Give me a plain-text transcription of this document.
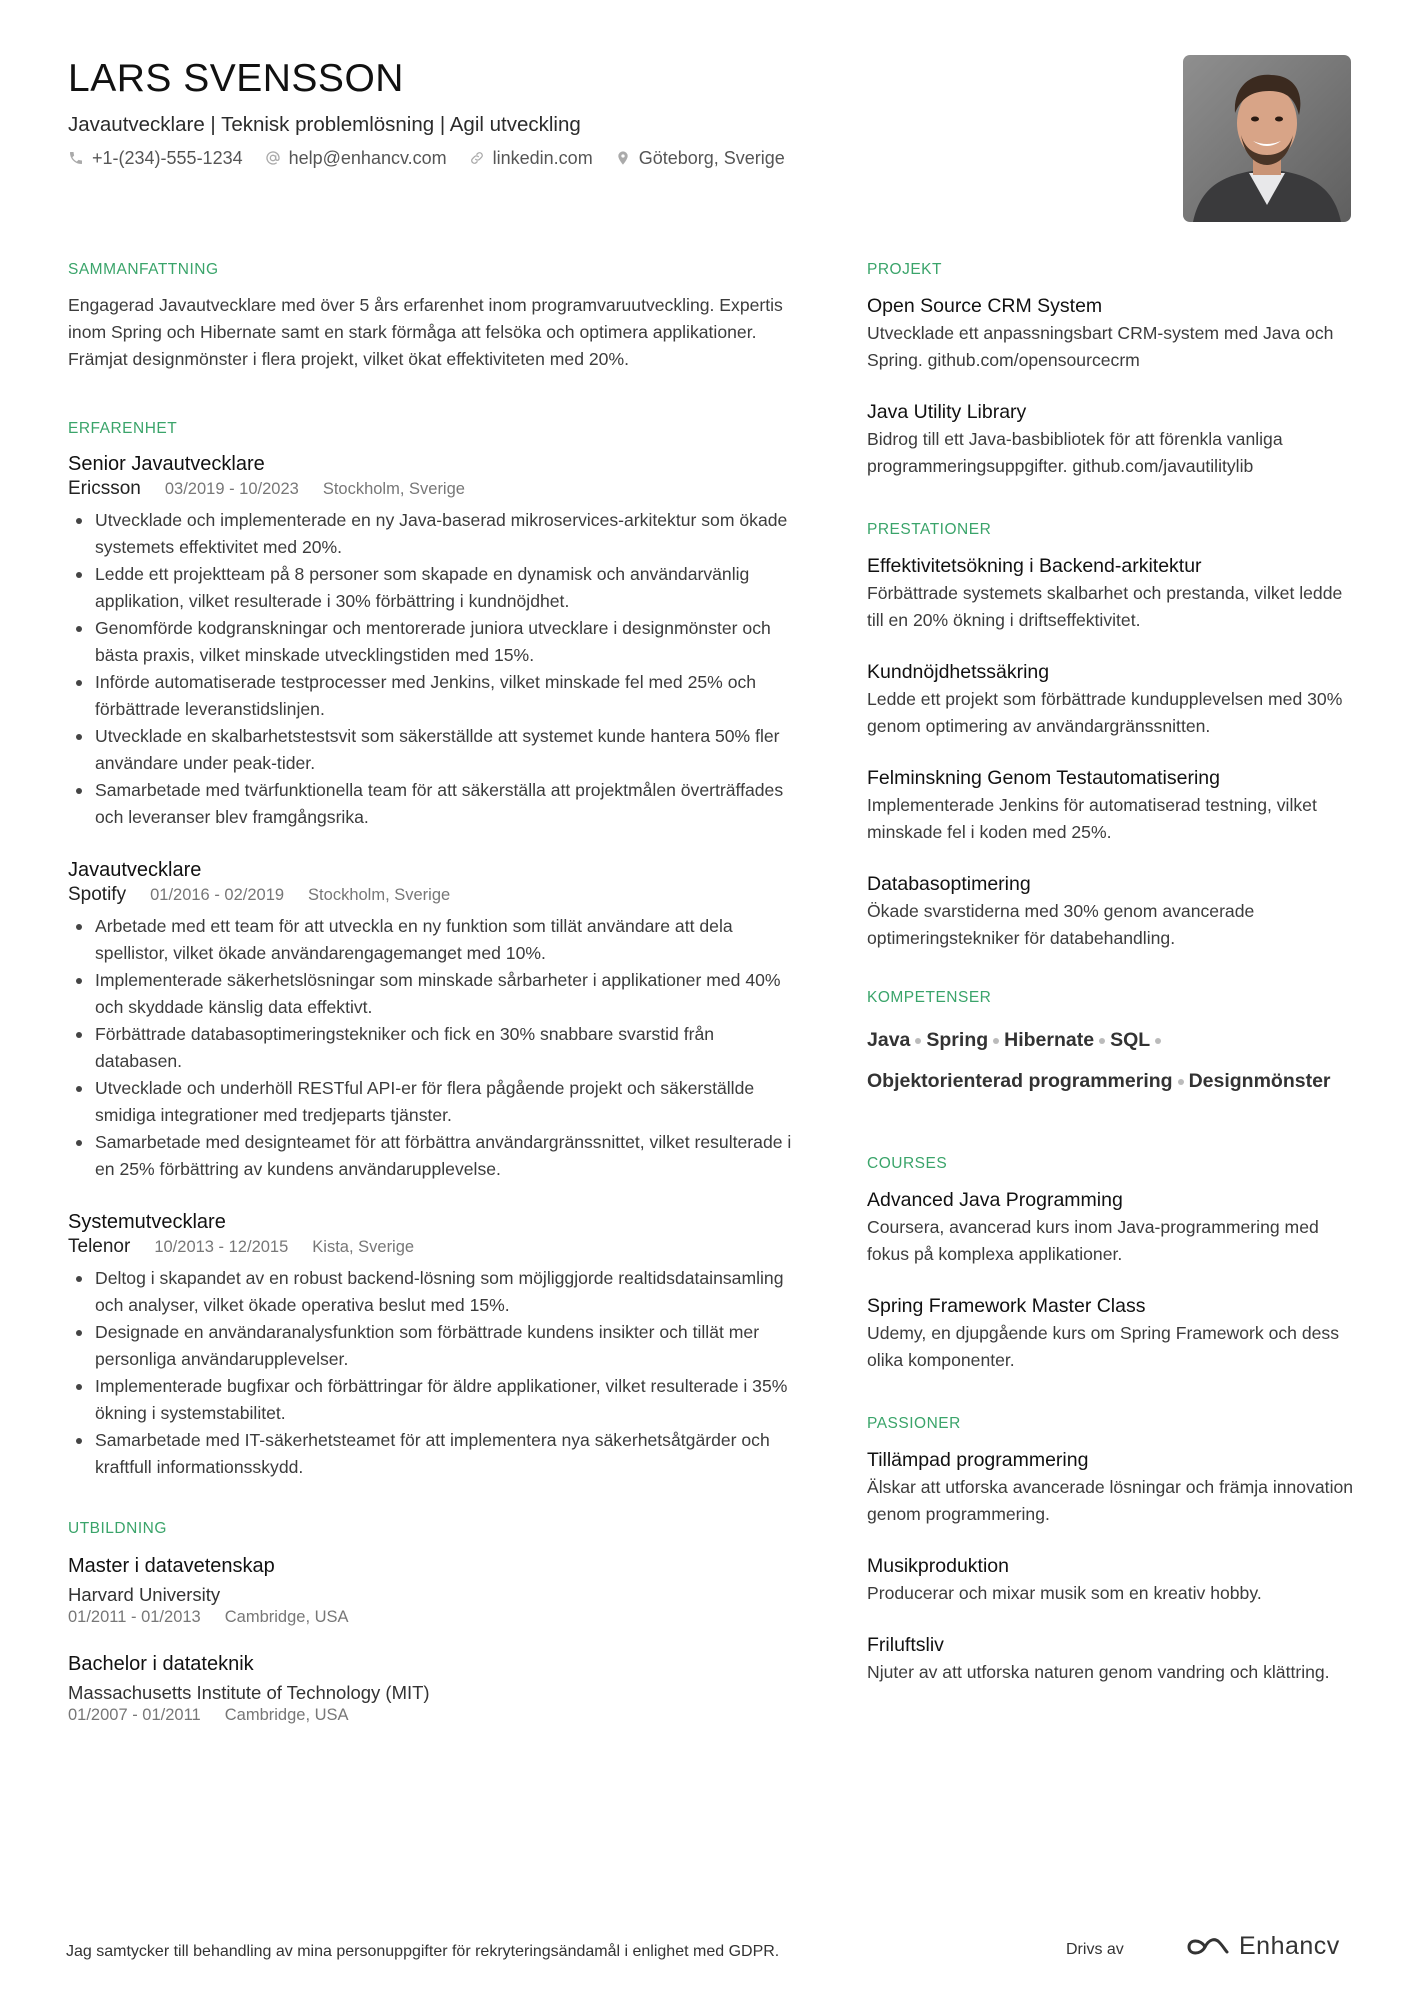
LARS SVENSSON
Javautvecklare | Teknisk problemlösning | Agil utveckling
+1-(234)-555-1234	help@enhancv.com	linkedin.com	Göteborg, Sverige
SAMMANFATTNING

Engagerad Javautvecklare med över 5 års erfarenhet inom programvaruutveckling. Expertis inom Spring och Hibernate samt en stark förmåga att felsöka och optimera applikationer. Främjat designmönster i flera projekt, vilket ökat effektiviteten med 20%.

ERFARENHET
Senior Javautvecklare
Ericsson 03/2019 - 10/2023 Stockholm, Sverige
Utvecklade och implementerade en ny Java-baserad mikroservices-arkitektur som ökade systemets effektivitet med 20%.
Ledde ett projektteam på 8 personer som skapade en dynamisk och användarvänlig applikation, vilket resulterade i 30% förbättring i kundnöjdhet.
Genomförde kodgranskningar och mentorerade juniora utvecklare i designmönster och bästa praxis, vilket minskade utvecklingstiden med 15%.
Införde automatiserade testprocesser med Jenkins, vilket minskade fel med 25% och förbättrade leveranstidslinjen.
Utvecklade en skalbarhetstestsvit som säkerställde att systemet kunde hantera 50% fler användare under peak-tider.
Samarbetade med tvärfunktionella team för att säkerställa att projektmålen överträffades och leveranser blev framgångsrika.
Javautvecklare
Spotify 01/2016 - 02/2019 Stockholm, Sverige
Arbetade med ett team för att utveckla en ny funktion som tillät användare att dela spellistor, vilket ökade användarengagemanget med 10%.
Implementerade säkerhetslösningar som minskade sårbarheter i applikationer med 40% och skyddade känslig data effektivt.
Förbättrade databasoptimeringstekniker och fick en 30% snabbare svarstid från databasen.
Utvecklade och underhöll RESTful API-er för flera pågående projekt och säkerställde smidiga integrationer med tredjeparts tjänster.
Samarbetade med designteamet för att förbättra användargränssnittet, vilket resulterade i en 25% förbättring av kundens användarupplevelse.
Systemutvecklare
Telenor 10/2013 - 12/2015 Kista, Sverige
Deltog i skapandet av en robust backend-lösning som möjliggjorde realtidsdatainsamling och analyser, vilket ökade operativa beslut med 15%.
Designade en användaranalysfunktion som förbättrade kundens insikter och tillät mer personliga användarupplevelser.
Implementerade bugfixar och förbättringar för äldre applikationer, vilket resulterade i 35% ökning i systemstabilitet.
Samarbetade med IT-säkerhetsteamet för att implementera nya säkerhetsåtgärder och kraftfull informationsskydd.
UTBILDNING
Master i datavetenskap
Harvard University
01/2011 - 01/2013 Cambridge, USA
Bachelor i datateknik
Massachusetts Institute of Technology (MIT)
01/2007 - 01/2011 Cambridge, USA
PROJEKT
Open Source CRM System
Utvecklade ett anpassningsbart CRM-system med Java och Spring. github.com/opensourcecrm
Java Utility Library
Bidrog till ett Java-basbibliotek för att förenkla vanliga programmeringsuppgifter. github.com/javautilitylib
PRESTATIONER
Effektivitetsökning i Backend-arkitektur
Förbättrade systemets skalbarhet och prestanda, vilket ledde till en 20% ökning i driftseffektivitet.
Kundnöjdhetssäkring
Ledde ett projekt som förbättrade kundupplevelsen med 30% genom optimering av användargränssnitten.
Felminskning Genom Testautomatisering
Implementerade Jenkins för automatiserad testning, vilket minskade fel i koden med 25%.
Databasoptimering
Ökade svarstiderna med 30% genom avancerade optimeringstekniker för databehandling.
KOMPETENSER
Java Spring Hibernate SQL
Objektorienterad programmering Designmönster
COURSES
Advanced Java Programming
Coursera, avancerad kurs inom Java-programmering med fokus på komplexa applikationer.
Spring Framework Master Class
Udemy, en djupgående kurs om Spring Framework och dess olika komponenter.
PASSIONER
Tillämpad programmering
Älskar att utforska avancerade lösningar och främja innovation genom programmering.
Musikproduktion
Producerar och mixar musik som en kreativ hobby.
Friluftsliv
Njuter av att utforska naturen genom vandring och klättring.
Jag samtycker till behandling av mina personuppgifter för rekryteringsändamål i enlighet med GDPR.	Drivs av	Enhancv
